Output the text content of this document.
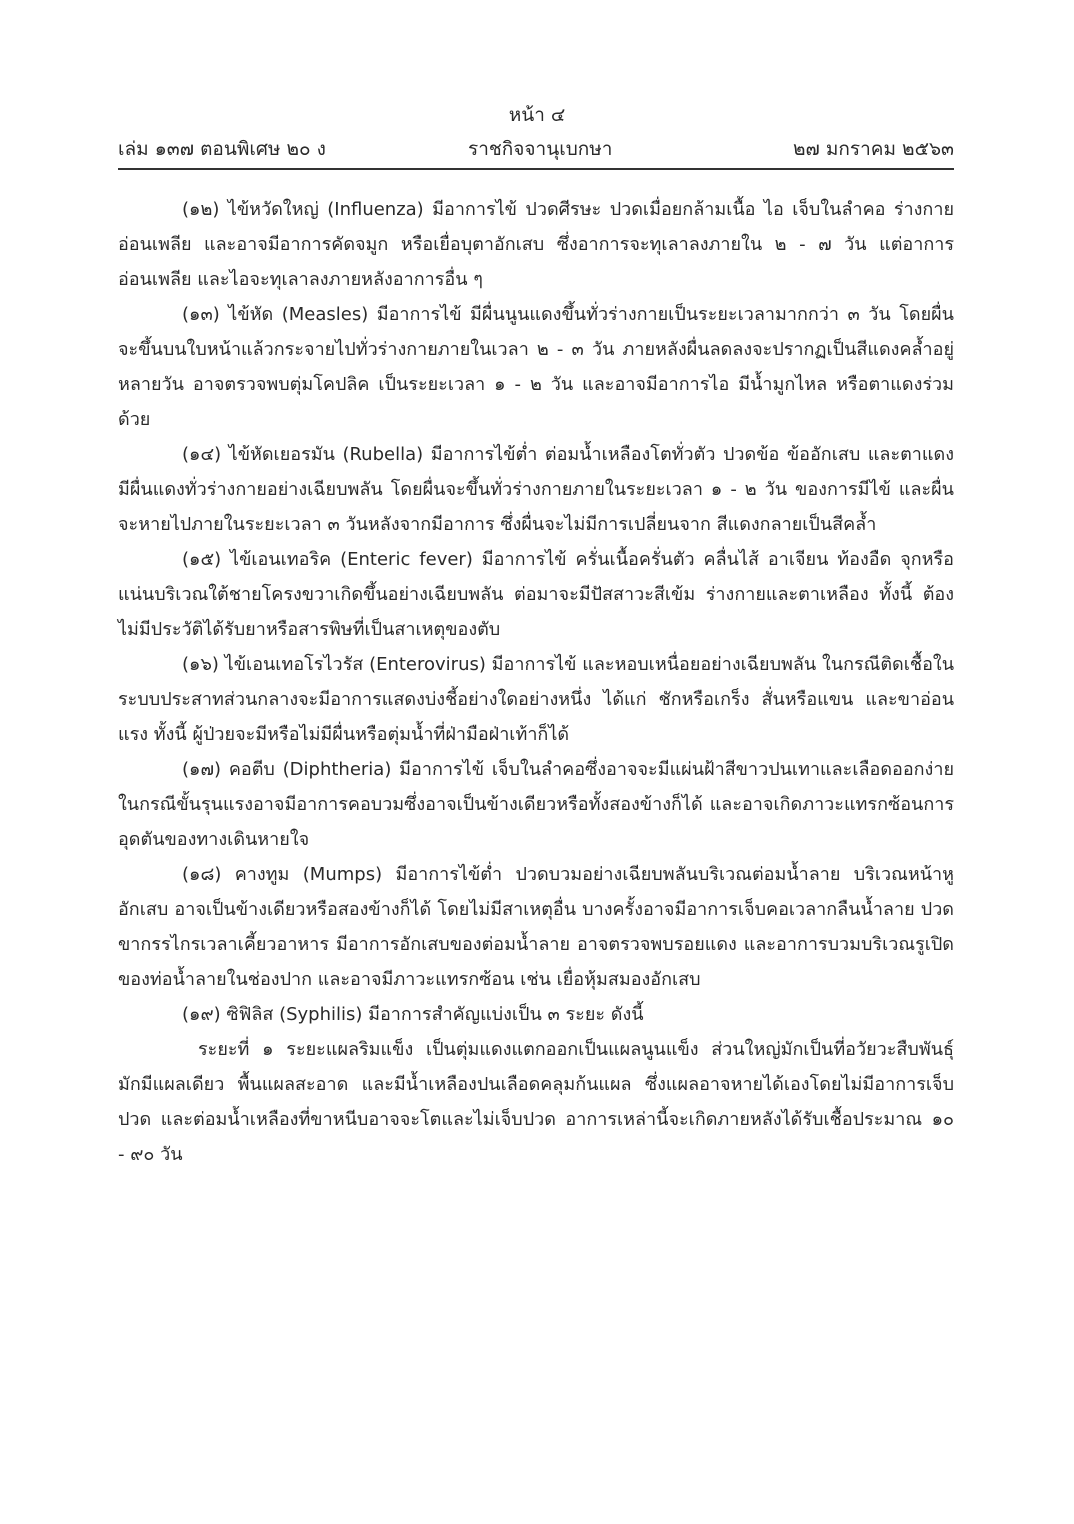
หน้า ๔
เล่ม ๑๓๗ ตอนพิเศษ ๒๐ ง	ราชกิจจานุเบกษา	๒๗ มกราคม ๒๕๖๓

(๑๒) ไข้หวัดใหญ่ (Influenza) มีอาการไข้ ปวดศีรษะ ปวดเมื่อยกล้ามเนื้อ ไอ เจ็บในลำคอ ร่างกายอ่อนเพลีย และอาจมีอาการคัดจมูก หรือเยื่อบุตาอักเสบ ซึ่งอาการจะทุเลาลงภายใน ๒ - ๗ วัน แต่อาการอ่อนเพลีย และไอจะทุเลาลงภายหลังอาการอื่น ๆ

(๑๓) ไข้หัด (Measles) มีอาการไข้ มีผื่นนูนแดงขึ้นทั่วร่างกายเป็นระยะเวลามากกว่า ๓ วัน โดยผื่นจะขึ้นบนใบหน้าแล้วกระจายไปทั่วร่างกายภายในเวลา ๒ - ๓ วัน ภายหลังผื่นลดลงจะปรากฏเป็นสีแดงคล้ำอยู่หลายวัน อาจตรวจพบตุ่มโคปลิค เป็นระยะเวลา ๑ - ๒ วัน และอาจมีอาการไอ มีน้ำมูกไหล หรือตาแดงร่วมด้วย

(๑๔) ไข้หัดเยอรมัน (Rubella) มีอาการไข้ต่ำ ต่อมน้ำเหลืองโตทั่วตัว ปวดข้อ ข้ออักเสบ และตาแดง มีผื่นแดงทั่วร่างกายอย่างเฉียบพลัน โดยผื่นจะขึ้นทั่วร่างกายภายในระยะเวลา ๑ - ๒ วัน ของการมีไข้ และผื่นจะหายไปภายในระยะเวลา ๓ วันหลังจากมีอาการ ซึ่งผื่นจะไม่มีการเปลี่ยนจาก สีแดงกลายเป็นสีคล้ำ

(๑๕) ไข้เอนเทอริค (Enteric fever) มีอาการไข้ ครั่นเนื้อครั่นตัว คลื่นไส้ อาเจียน ท้องอืด จุกหรือแน่นบริเวณใต้ชายโครงขวาเกิดขึ้นอย่างเฉียบพลัน ต่อมาจะมีปัสสาวะสีเข้ม ร่างกายและตาเหลือง ทั้งนี้ ต้องไม่มีประวัติได้รับยาหรือสารพิษที่เป็นสาเหตุของตับ

(๑๖) ไข้เอนเทอโรไวรัส (Enterovirus) มีอาการไข้ และหอบเหนื่อยอย่างเฉียบพลัน ในกรณีติดเชื้อในระบบประสาทส่วนกลางจะมีอาการแสดงบ่งชี้อย่างใดอย่างหนึ่ง ได้แก่ ชักหรือเกร็ง สั่นหรือแขน และขาอ่อนแรง ทั้งนี้ ผู้ป่วยจะมีหรือไม่มีผื่นหรือตุ่มน้ำที่ฝ่ามือฝ่าเท้าก็ได้

(๑๗) คอตีบ (Diphtheria) มีอาการไข้ เจ็บในลำคอซึ่งอาจจะมีแผ่นฝ้าสีขาวปนเทาและเลือดออกง่าย ในกรณีขั้นรุนแรงอาจมีอาการคอบวมซึ่งอาจเป็นข้างเดียวหรือทั้งสองข้างก็ได้ และอาจเกิดภาวะแทรกซ้อนการอุดตันของทางเดินหายใจ

(๑๘) คางทูม (Mumps) มีอาการไข้ต่ำ ปวดบวมอย่างเฉียบพลันบริเวณต่อมน้ำลาย บริเวณหน้าหูอักเสบ อาจเป็นข้างเดียวหรือสองข้างก็ได้ โดยไม่มีสาเหตุอื่น บางครั้งอาจมีอาการเจ็บคอเวลากลืนน้ำลาย ปวดขากรรไกรเวลาเคี้ยวอาหาร มีอาการอักเสบของต่อมน้ำลาย อาจตรวจพบรอยแดง และอาการบวมบริเวณรูเปิดของท่อน้ำลายในช่องปาก และอาจมีภาวะแทรกซ้อน เช่น เยื่อหุ้มสมองอักเสบ

(๑๙) ซิฟิลิส (Syphilis) มีอาการสำคัญแบ่งเป็น ๓ ระยะ ดังนี้

ระยะที่ ๑ ระยะแผลริมแข็ง เป็นตุ่มแดงแตกออกเป็นแผลนูนแข็ง ส่วนใหญ่มักเป็นที่อวัยวะสืบพันธุ์ มักมีแผลเดียว พื้นแผลสะอาด และมีน้ำเหลืองปนเลือดคลุมก้นแผล ซึ่งแผลอาจหายได้เองโดยไม่มีอาการเจ็บปวด และต่อมน้ำเหลืองที่ขาหนีบอาจจะโตและไม่เจ็บปวด อาการเหล่านี้จะเกิดภายหลังได้รับเชื้อประมาณ ๑๐ - ๙๐ วัน
